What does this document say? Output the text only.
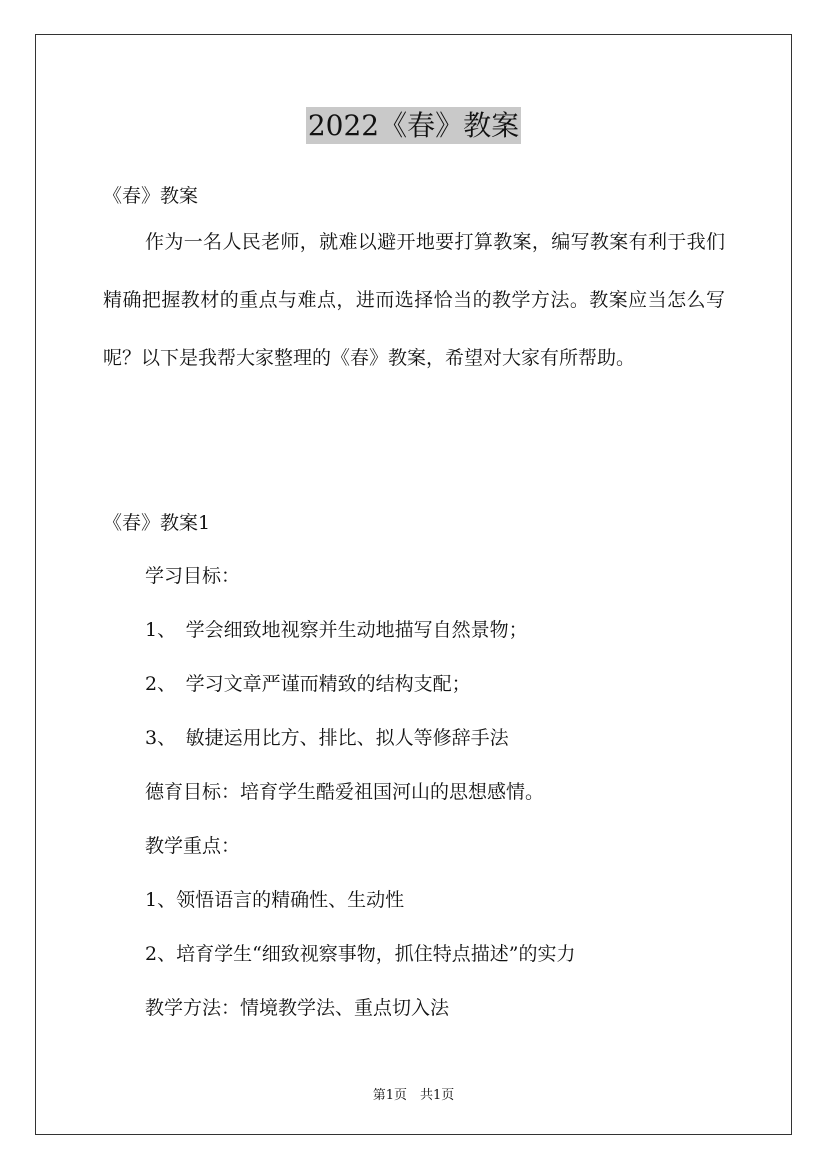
2022《春》教案
《春》教案
作为一名人民老师，就难以避开地要打算教案，编写教案有利于我们精确把握教材的重点与难点，进而选择恰当的教学方法。教案应当怎么写呢？以下是我帮大家整理的《春》教案，希望对大家有所帮助。
《春》教案1
学习目标：
1、　学会细致地视察并生动地描写自然景物；
2、　学习文章严谨而精致的结构支配；
3、　敏捷运用比方、排比、拟人等修辞手法
德育目标：培育学生酷爱祖国河山的思想感情。
教学重点：
1、领悟语言的精确性、生动性
2、培育学生“细致视察事物，抓住特点描述”的实力
教学方法：情境教学法、重点切入法
第1页　共1页
